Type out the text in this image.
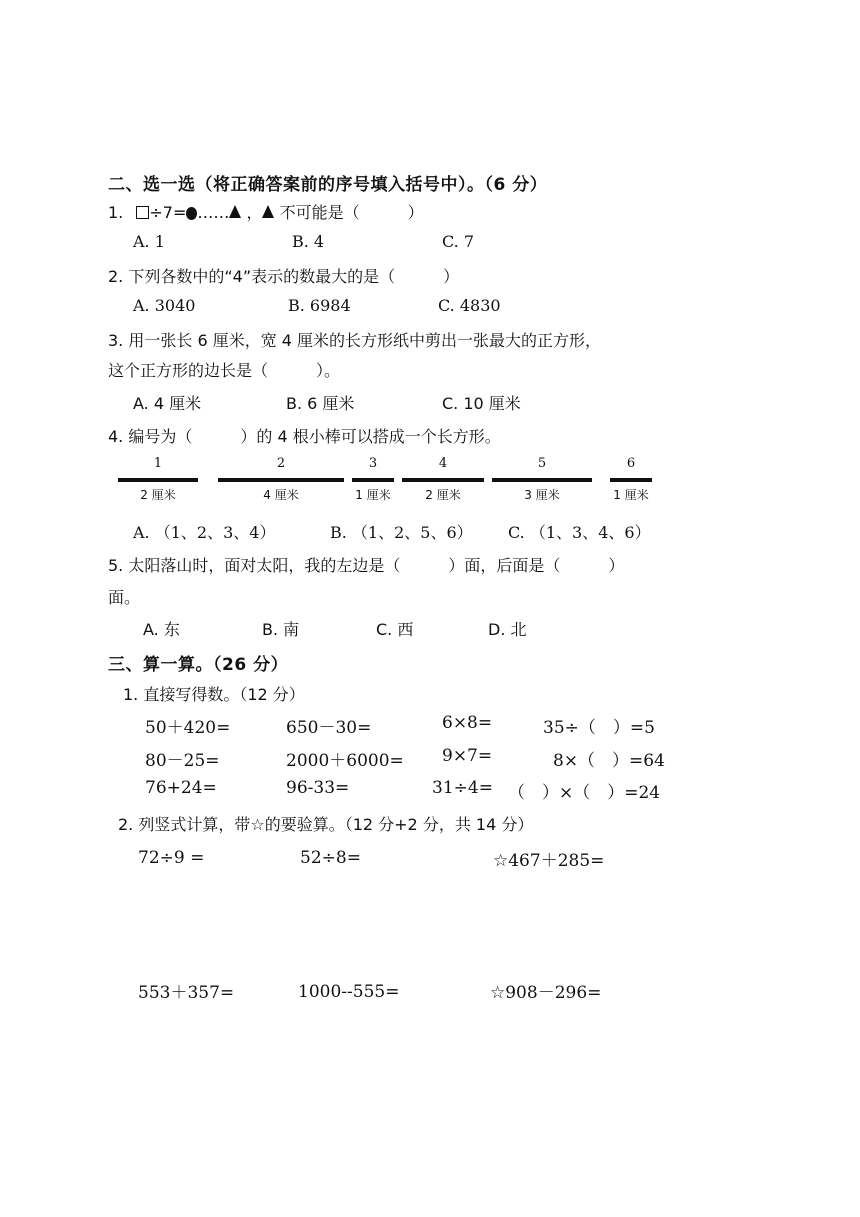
二、选一选（将正确答案前的序号填入括号中）。（6 分）
1. ÷7= …… ， 不可能是（　　　）
A. 1	B. 4	C. 7
2. 下列各数中的“4”表示的数最大的是（　　　）
A. 3040	B. 6984	C. 4830
3. 用一张长 6 厘米，宽 4 厘米的长方形纸中剪出一张最大的正方形，
这个正方形的边长是（　　　）。
A. 4 厘米	B. 6 厘米	C. 10 厘米
4. 编号为（　　　）的 4 根小棒可以搭成一个长方形。
1
2 厘米
2
4 厘米
3
1 厘米
4
2 厘米
5
3 厘米
6
1 厘米
A. （1、2、3、4）	B. （1、2、5、6） C. （1、3、4、6）
5. 太阳落山时，面对太阳，我的左边是（　　　）面，后面是（　　　）
面。
A. 东	B. 南	C. 西	D. 北
三、算一算。（26 分）
1. 直接写得数。（12 分）
50＋420=	650－30=	6×8=	35÷（　）=5
80－25=	2000＋6000= 9×7=	8×（　）=64
76+24=	96-33=	31÷4= （　）×（　）=24
2. 列竖式计算，带☆的要验算。（12 分+2 分，共 14 分）
72÷9 =	52÷8=	☆467＋285=
553＋357=	1000--555=	☆908－296=
